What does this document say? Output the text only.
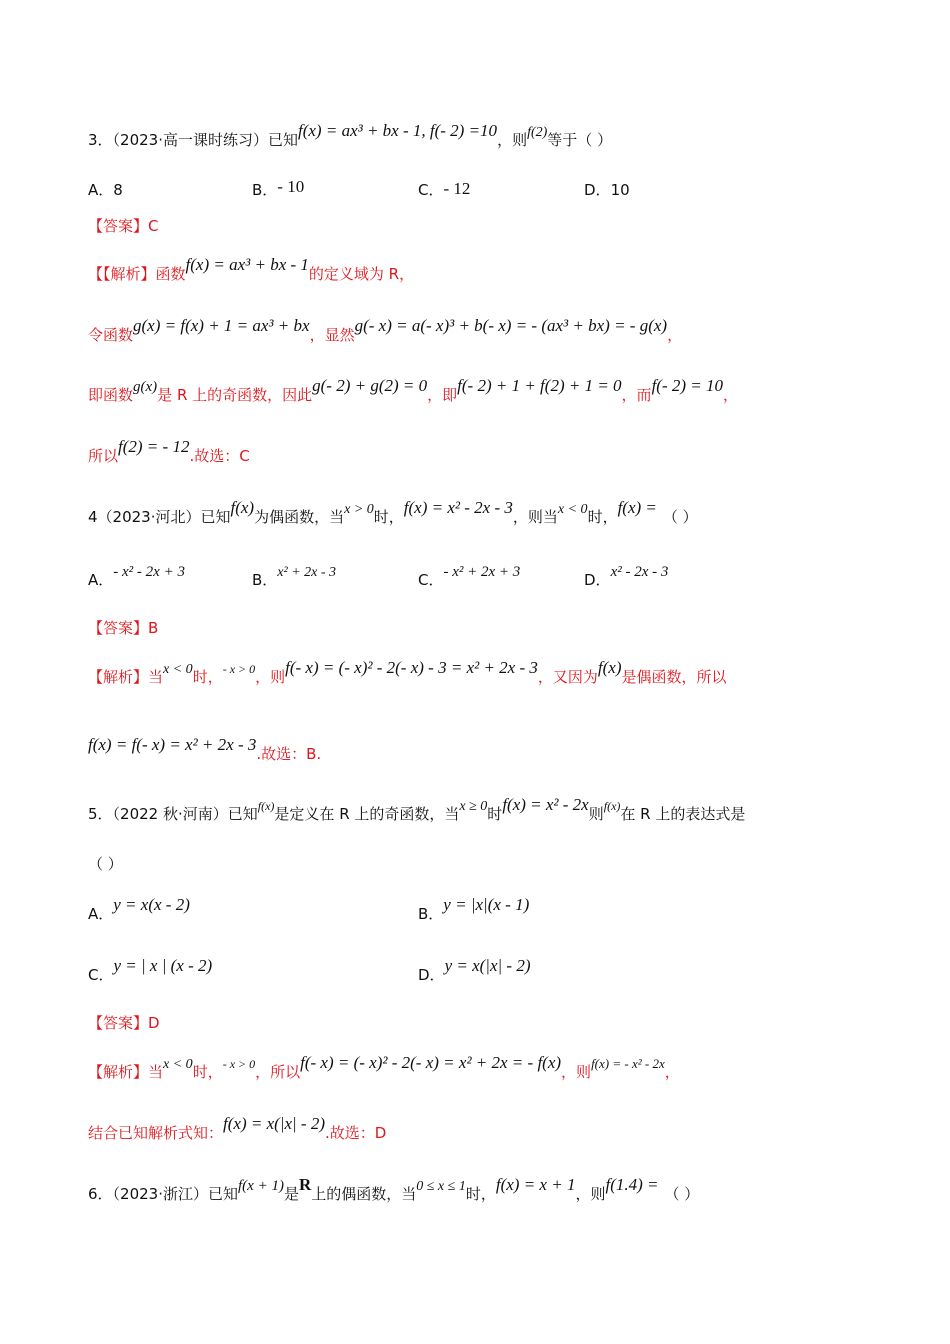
3．（2023·高一课时练习）已知f(x) = ax³ + bx - 1, f(- 2) =10，则f(2)等于（ ）
A．8	B．- 10	C．- 12	D．10
【答案】C
【【解析】函数f(x) = ax³ + bx - 1的定义域为 R，
令函数g(x) = f(x) + 1 = ax³ + bx，显然g(- x) = a(- x)³ + b(- x) = - (ax³ + bx) = - g(x)，
即函数g(x)是 R 上的奇函数，因此g(- 2) + g(2) = 0，即f(- 2) + 1 + f(2) + 1 = 0，而f(- 2) = 10，
所以f(2) = - 12.故选：C
4（2023·河北）已知f(x)为偶函数，当x > 0时，f(x) = x² - 2x - 3，则当x < 0时，f(x) = （ ）
A．- x² - 2x + 3	B．x² + 2x - 3	C．- x² + 2x + 3	D．x² - 2x - 3
【答案】B
【解析】当x < 0时，$^{- x > 0}$，则f(- x) = (- x)² - 2(- x) - 3 = x² + 2x - 3，又因为f(x)是偶函数，所以
f(x) = f(- x) = x² + 2x - 3.故选：B.
5．（2022 秋·河南）已知$^{f(x)}$是定义在 R 上的奇函数，当x ≥ 0时f(x) = x² - 2x则$^{f(x)}$在 R 上的表达式是
（ ）
A．y = x(x - 2)	B．y = |x|(x - 1)
C．y = | x | (x - 2)	D．y = x(|x| - 2)
【答案】D
【解析】当x < 0时，$^{- x > 0}$，所以f(- x) = (- x)² - 2(- x) = x² + 2x = - f(x)，则f(x) = - x² - 2x，
结合已知解析式知：f(x) = x(|x| - 2).故选：D
6．（2023·浙江）已知f(x + 1)是R上的偶函数，当0 ≤ x ≤ 1时，f(x) = x + 1，则f(1.4) = （ ）
